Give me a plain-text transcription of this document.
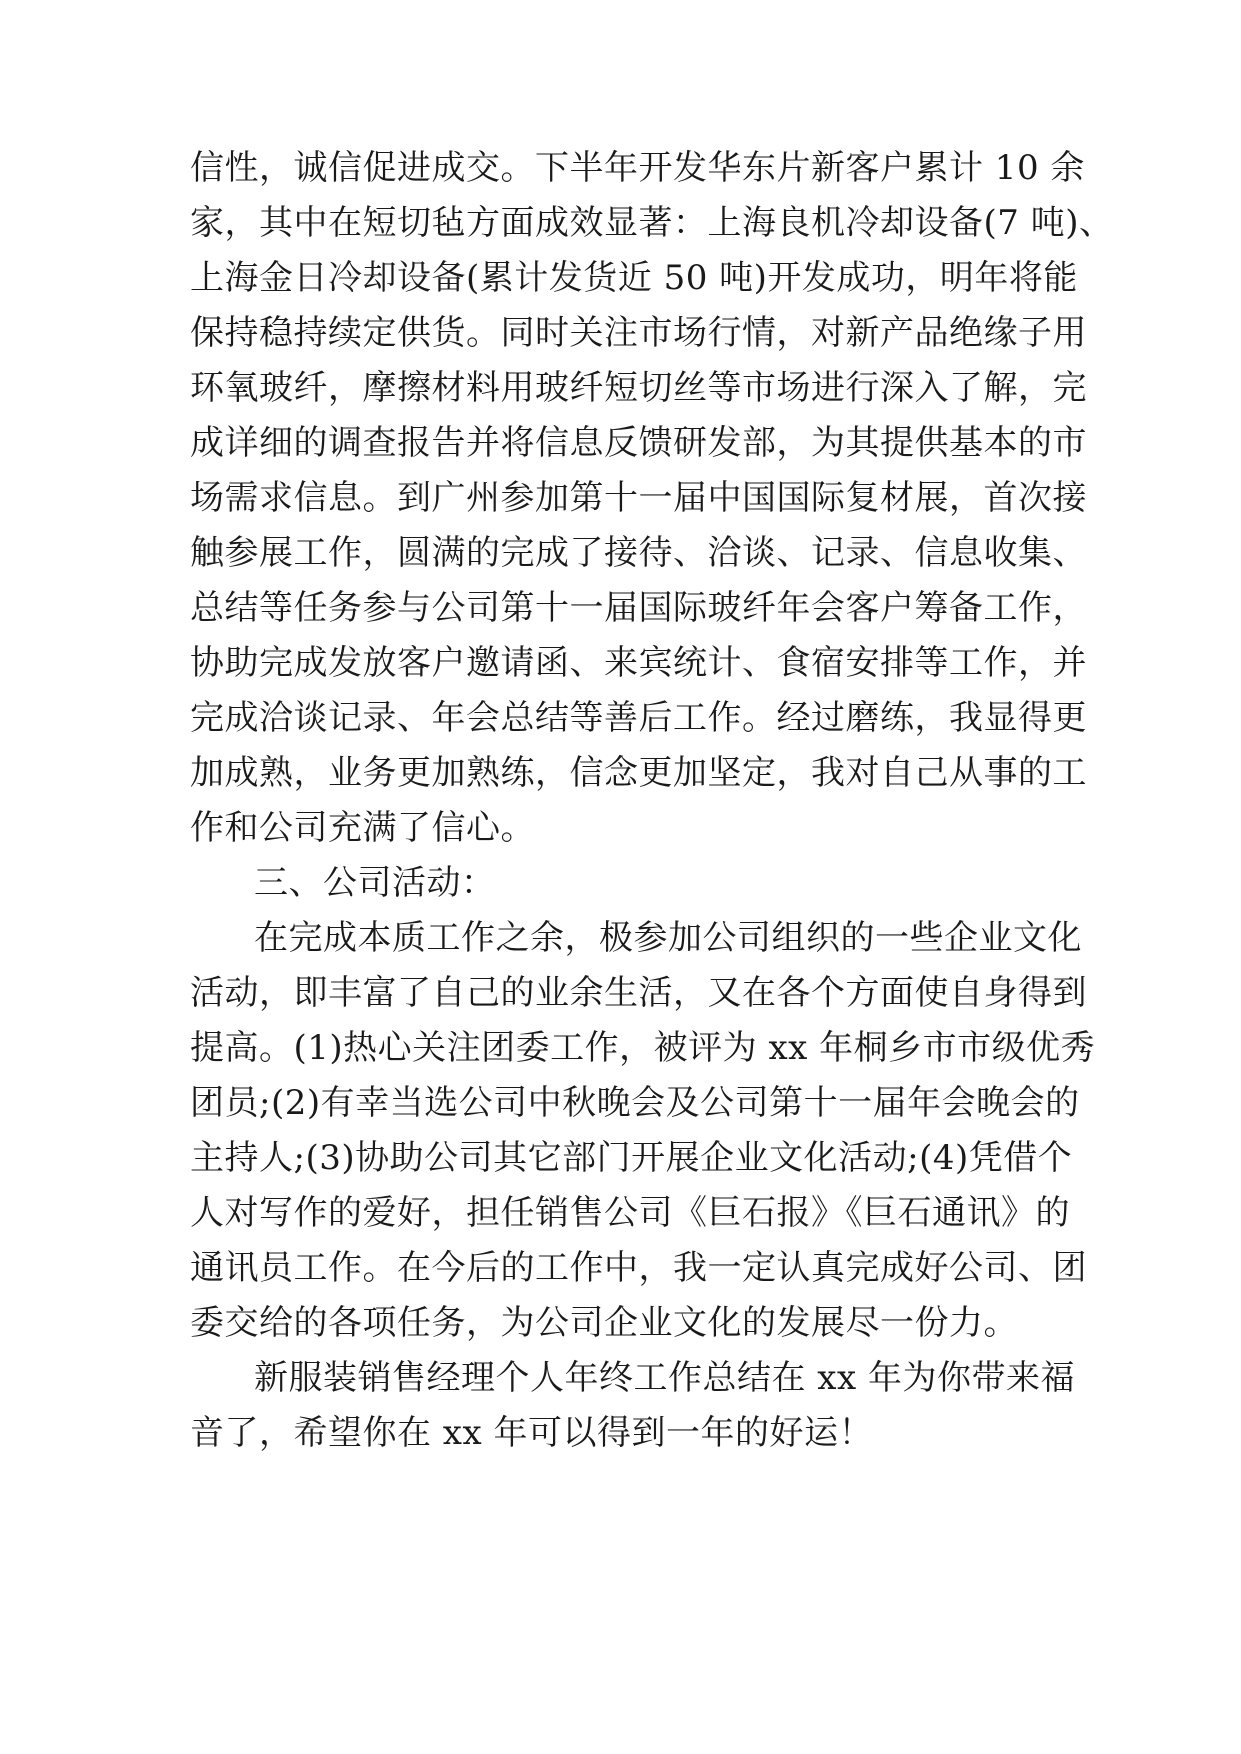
信性，诚信促进成交。下半年开发华东片新客户累计 10 余
家，其中在短切毡方面成效显著：上海良机冷却设备(7 吨)、
上海金日冷却设备(累计发货近 50 吨)开发成功，明年将能
保持稳持续定供货。同时关注市场行情，对新产品绝缘子用
环氧玻纤，摩擦材料用玻纤短切丝等市场进行深入了解，完
成详细的调查报告并将信息反馈研发部，为其提供基本的市
场需求信息。到广州参加第十一届中国国际复材展，首次接
触参展工作，圆满的完成了接待、洽谈、记录、信息收集、
总结等任务参与公司第十一届国际玻纤年会客户筹备工作，
协助完成发放客户邀请函、来宾统计、食宿安排等工作，并
完成洽谈记录、年会总结等善后工作。经过磨练，我显得更
加成熟，业务更加熟练，信念更加坚定，我对自己从事的工
作和公司充满了信心。
三、公司活动：
在完成本质工作之余，极参加公司组织的一些企业文化
活动，即丰富了自己的业余生活，又在各个方面使自身得到
提高。(1)热心关注团委工作，被评为 xx 年桐乡市市级优秀
团员;(2)有幸当选公司中秋晚会及公司第十一届年会晚会的
主持人;(3)协助公司其它部门开展企业文化活动;(4)凭借个
人对写作的爱好，担任销售公司《巨石报》《巨石通讯》的
通讯员工作。在今后的工作中，我一定认真完成好公司、团
委交给的各项任务，为公司企业文化的发展尽一份力。
新服装销售经理个人年终工作总结在 xx 年为你带来福
音了，希望你在 xx 年可以得到一年的好运！
